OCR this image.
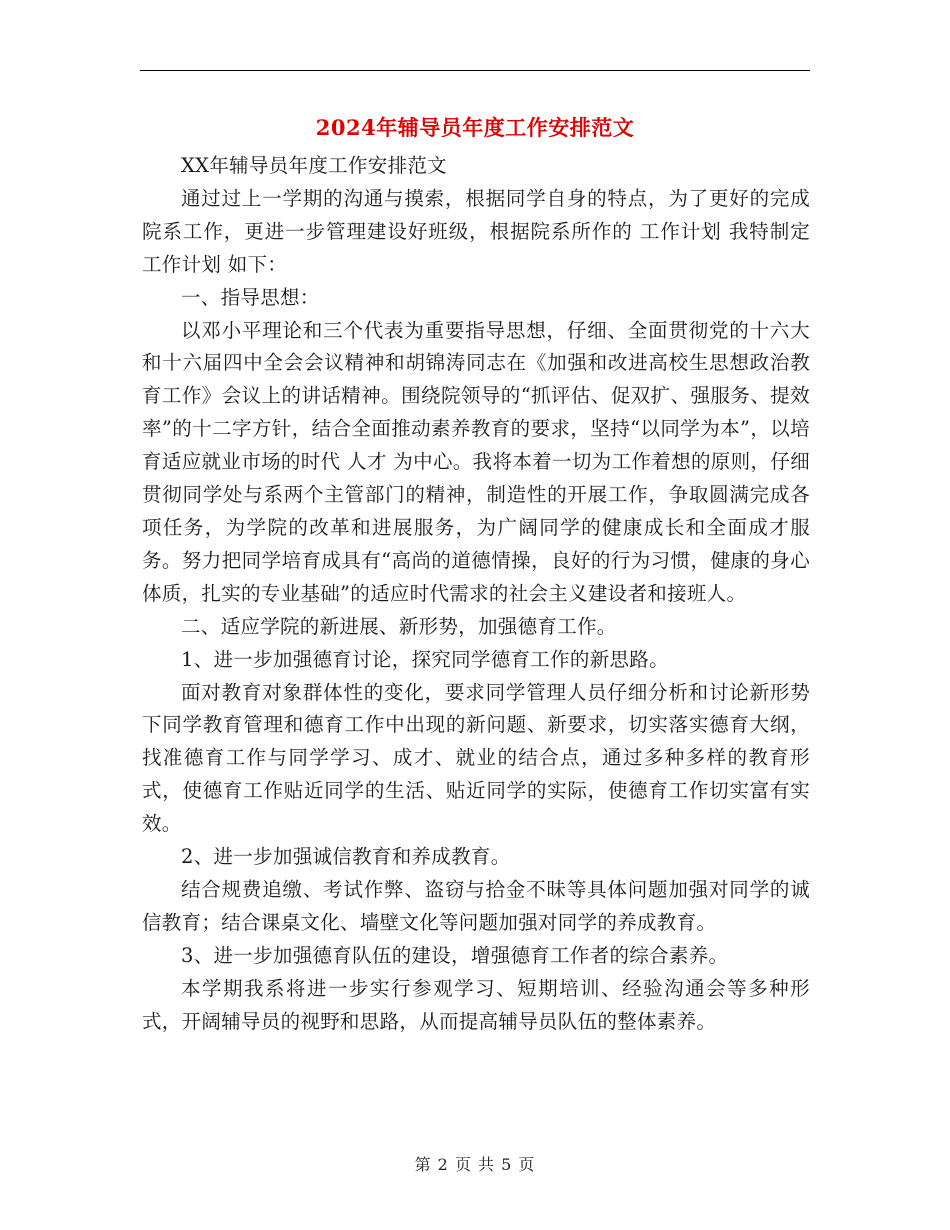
2024年辅导员年度工作安排范文

XX年辅导员年度工作安排范文

通过过上一学期的沟通与摸索，根据同学自身的特点，为了更好的完成院系工作，更进一步管理建设好班级，根据院系所作的 工作计划 我特制定 工作计划 如下：

一、指导思想：

以邓小平理论和三个代表为重要指导思想，仔细、全面贯彻党的十六大和十六届四中全会会议精神和胡锦涛同志在《加强和改进高校生思想政治教育工作》会议上的讲话精神。围绕院领导的“抓评估、促双扩、强服务、提效率”的十二字方针，结合全面推动素养教育的要求，坚持“以同学为本”，以培育适应就业市场的时代 人才 为中心。我将本着一切为工作着想的原则，仔细贯彻同学处与系两个主管部门的精神，制造性的开展工作，争取圆满完成各项任务，为学院的改革和进展服务，为广阔同学的健康成长和全面成才服务。努力把同学培育成具有“高尚的道德情操，良好的行为习惯，健康的身心体质，扎实的专业基础”的适应时代需求的社会主义建设者和接班人。

二、适应学院的新进展、新形势，加强德育工作。

1、进一步加强德育讨论，探究同学德育工作的新思路。

面对教育对象群体性的变化，要求同学管理人员仔细分析和讨论新形势下同学教育管理和德育工作中出现的新问题、新要求，切实落实德育大纲，找准德育工作与同学学习、成才、就业的结合点，通过多种多样的教育形式，使德育工作贴近同学的生活、贴近同学的实际，使德育工作切实富有实效。

2、进一步加强诚信教育和养成教育。

结合规费追缴、考试作弊、盗窃与拾金不昧等具体问题加强对同学的诚信教育；结合课桌文化、墙壁文化等问题加强对同学的养成教育。

3、进一步加强德育队伍的建设，增强德育工作者的综合素养。

本学期我系将进一步实行参观学习、短期培训、经验沟通会等多种形式，开阔辅导员的视野和思路，从而提高辅导员队伍的整体素养。

第 2 页 共 5 页
